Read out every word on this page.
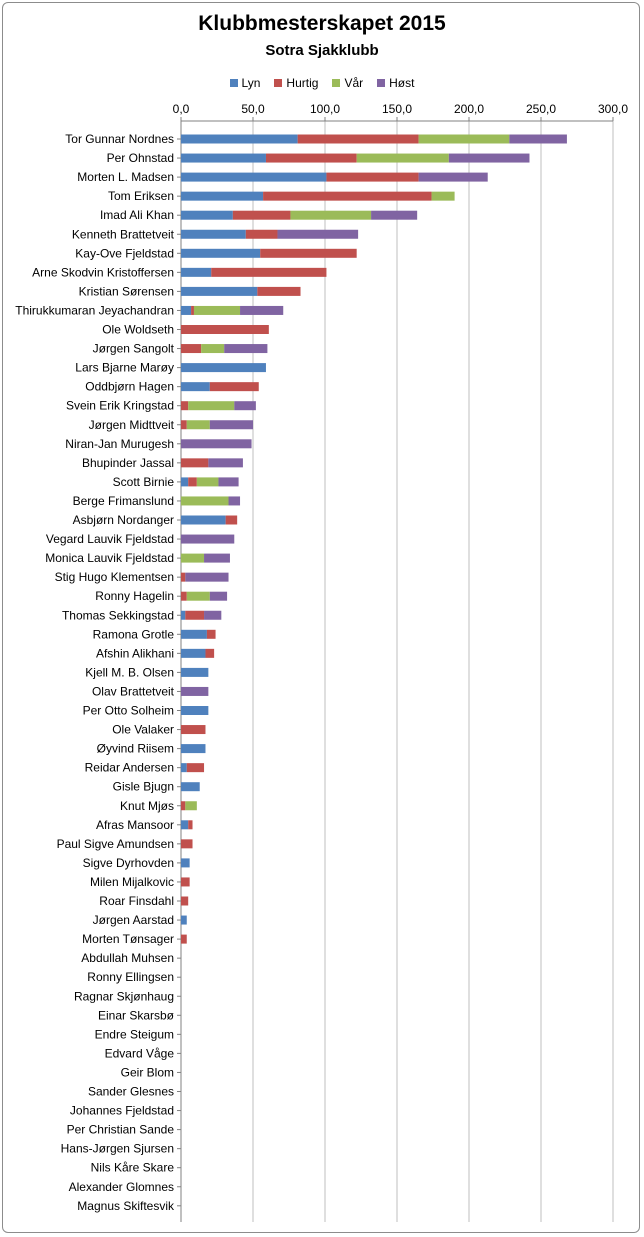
Klubbmesterskapet 2015
Sotra Sjakklubb
Lyn Hurtig Vår Høst
0,0	50,0	100,0	150,0	200,0	250,0	300,0
Tor Gunnar Nordnes
Per Ohnstad
Morten L. Madsen
Tom Eriksen
Imad Ali Khan
Kenneth Brattetveit
Kay-Ove Fjeldstad
Arne Skodvin Kristoffersen
Kristian Sørensen
Thirukkumaran Jeyachandran
Ole Woldseth
Jørgen Sangolt
Lars Bjarne Marøy
Oddbjørn Hagen
Svein Erik Kringstad
Jørgen Midttveit
Niran-Jan Murugesh
Bhupinder Jassal
Scott Birnie
Berge Frimanslund
Asbjørn Nordanger
Vegard Lauvik Fjeldstad
Monica Lauvik Fjeldstad
Stig Hugo Klementsen
Ronny Hagelin
Thomas Sekkingstad
Ramona Grotle
Afshin Alikhani
Kjell M. B. Olsen
Olav Brattetveit
Per Otto Solheim
Ole Valaker
Øyvind Riisem
Reidar Andersen
Gisle Bjugn
Knut Mjøs
Afras Mansoor
Paul Sigve Amundsen
Sigve Dyrhovden
Milen Mijalkovic
Roar Finsdahl
Jørgen Aarstad
Morten Tønsager
Abdullah Muhsen
Ronny Ellingsen
Ragnar Skjønhaug
Einar Skarsbø
Endre Steigum
Edvard Våge
Geir Blom
Sander Glesnes
Johannes Fjeldstad
Per Christian Sande
Hans-Jørgen Sjursen
Nils Kåre Skare
Alexander Glomnes
Magnus Skiftesvik
